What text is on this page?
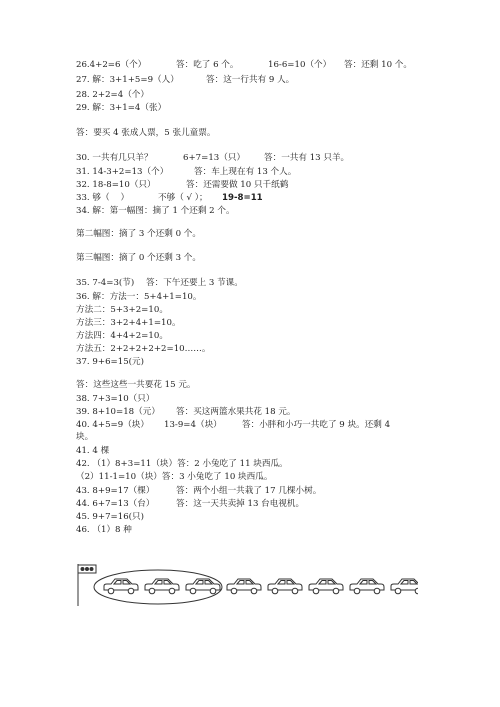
26.4+2=6（个）	答：吃了 6 个。	16-6=10（个） 答：还剩 10 个。
27. 解：3+1+5=9（人）	答：这一行共有 9 人。
28. 2+2=4（个）
29. 解：3+1=4（张）
答：要买 4 张成人票，5 张儿童票。
30. 一共有几只羊？	6+7=13（只） 答：一共有 13 只羊。
31. 14-3+2=13（个）	答：车上现在有 13 个人。
32. 18-8=10（只）	答：还需要做 10 只千纸鹤
33. 够（    ）	不够（ √ ）； 19-8=11
34. 解：第一幅图：摘了 1 个还剩 2 个。
第二幅图：摘了 3 个还剩 0 个。
第三幅图：摘了 0 个还剩 3 个。
35. 7-4=3(节) 答：下午还要上 3 节课。
36. 解：方法一：5+4+1=10。
方法二：5+3+2=10。
方法三：3+2+4+1=10。
方法四：4+4+2=10。
方法五：2+2+2+2+2=10……。
37. 9+6=15(元)
答：这些这些一共要花 15 元。
38. 7+3=10（只）
39. 8+10=18（元） 答：买这两篮水果共花 18 元。
40. 4+5=9（块） 13-9=4（块） 答：小胖和小巧一共吃了 9 块。还剩 4
块。
41. 4 棵
42. （1）8+3=11（块）答：2 小兔吃了 11 块西瓜。
（2）11-1=10（块）答：3 小兔吃了 10 块西瓜。
43. 8+9=17（棵）	答：两个小组一共栽了 17 几棵小树。
44. 6+7=13（台）	答：这一天共卖掉 13 台电视机。
45. 9+7=16(只)
46. （1）8 种
